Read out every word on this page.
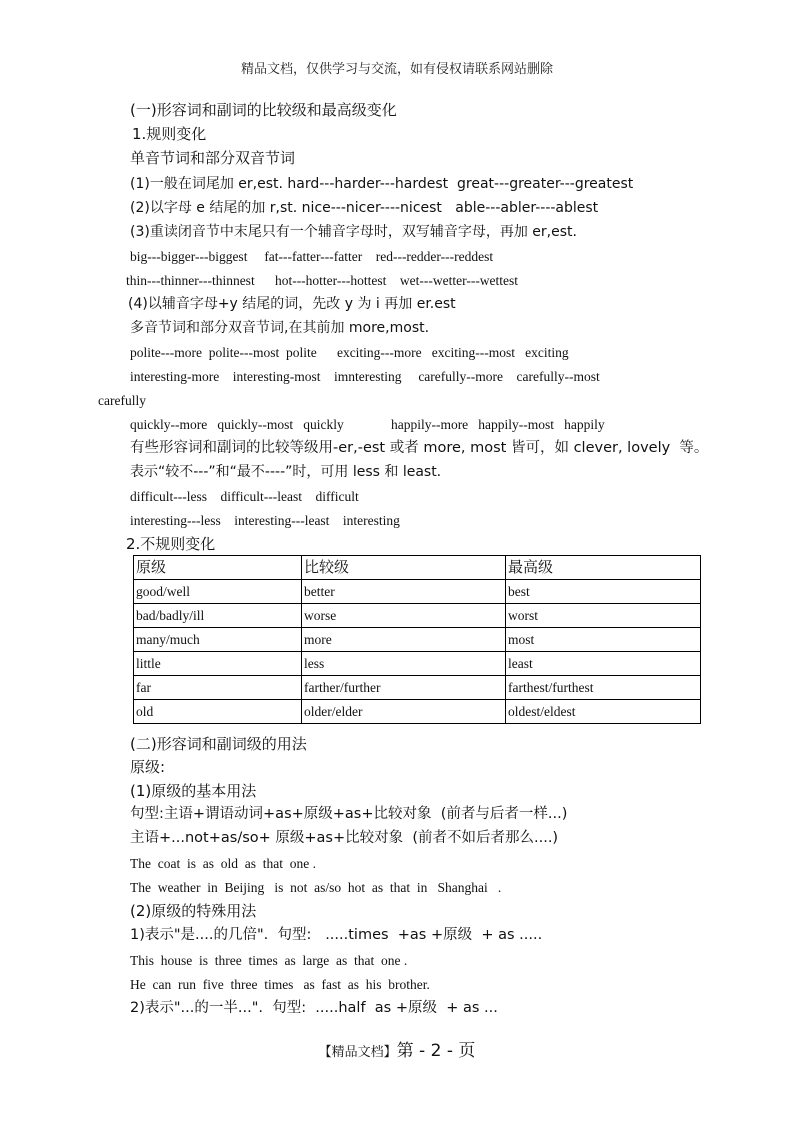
精品文档，仅供学习与交流，如有侵权请联系网站删除
(一)形容词和副词的比较级和最高级变化
1.规则变化
单音节词和部分双音节词
(1)一般在词尾加 er,est. hard---harder---hardest  great---greater---greatest
(2)以字母 e 结尾的加 r,st. nice---nicer----nicest   able---abler----ablest
(3)重读闭音节中末尾只有一个辅音字母时，双写辅音字母，再加 er,est.
big---bigger---biggest     fat---fatter---fatter    red---redder---reddest
thin---thinner---thinnest      hot---hotter---hottest    wet---wetter---wettest
(4)以辅音字母+y 结尾的词，先改 y 为 i 再加 er.est
多音节词和部分双音节词,在其前加 more,most.
polite---more  polite---most  polite      exciting---more   exciting---most   exciting
interesting-more    interesting-most    imnteresting     carefully--more    carefully--most
carefully
quickly--more   quickly--most   quickly              happily--more   happily--most   happily
有些形容词和副词的比较等级用-er,-est 或者 more, most 皆可，如 clever, lovely  等。
表示“较不---”和“最不----”时，可用 less 和 least.
difficult---less    difficult---least    difficult
interesting---less    interesting---least    interesting
2.不规则变化
原级	比较级	最高级
good/well	better	best
bad/badly/ill	worse	worst
many/much	more	most
little	less	least
far	farther/further	farthest/furthest
old	older/elder	oldest/eldest
(二)形容词和副词级的用法
原级:
(1)原级的基本用法
句型:主语+谓语动词+as+原级+as+比较对象  (前者与后者一样...)
主语+...not+as/so+ 原级+as+比较对象  (前者不如后者那么....)
The  coat  is  as  old  as  that  one .
The  weather  in  Beijing   is  not  as/so  hot  as  that  in   Shanghai   .
(2)原级的特殊用法
1)表示"是....的几倍".  句型:   .....times  +as +原级  + as .....
This  house  is  three  times  as  large  as  that  one .
He  can  run  five  three  times   as  fast  as  his  brother.
2)表示"...的一半...".  句型:  .....half  as +原级  + as ...
【精品文档】第 - 2 - 页
